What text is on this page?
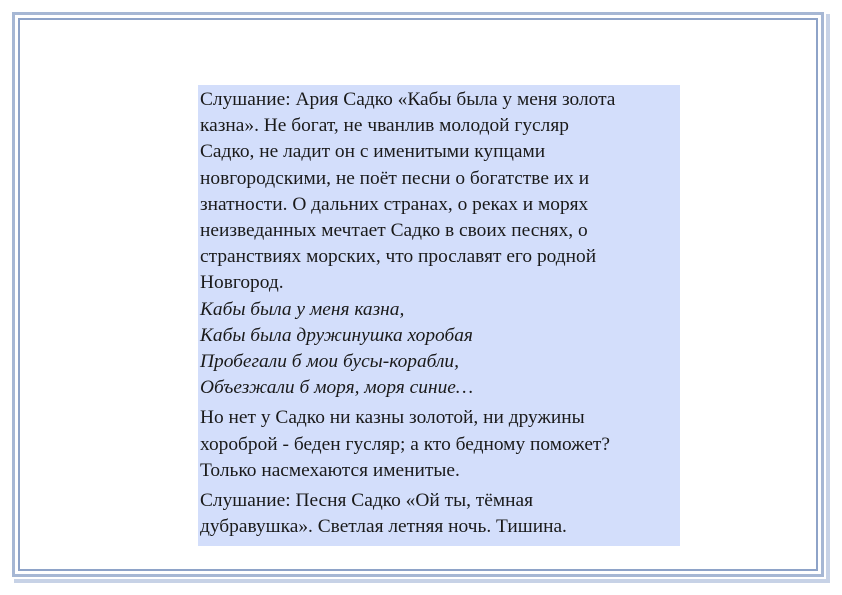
Слушание: Ария Садко «Кабы была у меня золота
казна». Не богат, не чванлив молодой гусляр
Садко, не ладит он с именитыми купцами
новгородскими, не поёт песни о богатстве их и
знатности. О дальних странах, о реках и морях
неизведанных мечтает Садко в своих песнях, о
странствиях морских, что прославят его родной
Новгород.

Кабы была у меня казна,
Кабы была дружинушка хоробая
Пробегали б мои бусы-корабли,
Объезжали б моря, моря синие…

Но нет у Садко ни казны золотой, ни дружины
хороброй - беден гусляр; а кто бедному поможет?
Только насмехаются именитые.

Слушание: Песня Садко «Ой ты, тёмная
дубравушка». Светлая летняя ночь. Тишина.
